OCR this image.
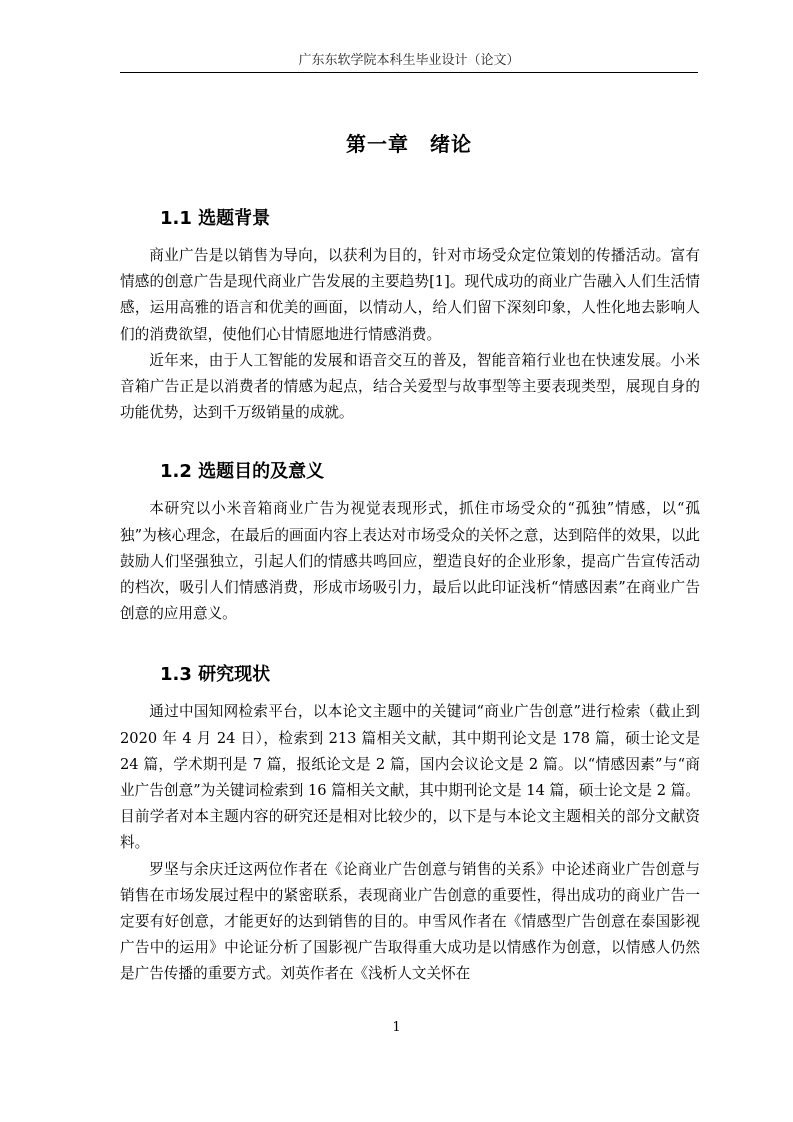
广东东软学院本科生毕业设计（论文）
第一章　绪论
1.1 选题背景

商业广告是以销售为导向，以获利为目的，针对市场受众定位策划的传播活动。富有情感的创意广告是现代商业广告发展的主要趋势[1]。现代成功的商业广告融入人们生活情感，运用高雅的语言和优美的画面，以情动人，给人们留下深刻印象，人性化地去影响人们的消费欲望，使他们心甘情愿地进行情感消费。

近年来，由于人工智能的发展和语音交互的普及，智能音箱行业也在快速发展。小米音箱广告正是以消费者的情感为起点，结合关爱型与故事型等主要表现类型，展现自身的功能优势，达到千万级销量的成就。

1.2 选题目的及意义

本研究以小米音箱商业广告为视觉表现形式，抓住市场受众的“孤独”情感，以“孤独”为核心理念，在最后的画面内容上表达对市场受众的关怀之意，达到陪伴的效果，以此鼓励人们坚强独立，引起人们的情感共鸣回应，塑造良好的企业形象，提高广告宣传活动的档次，吸引人们情感消费，形成市场吸引力，最后以此印证浅析“情感因素”在商业广告创意的应用意义。

1.3 研究现状

通过中国知网检索平台，以本论文主题中的关键词“商业广告创意”进行检索（截止到 2020 年 4 月 24 日），检索到 213 篇相关文献，其中期刊论文是 178 篇，硕士论文是 24 篇，学术期刊是 7 篇，报纸论文是 2 篇，国内会议论文是 2 篇。以“情感因素”与“商业广告创意”为关键词检索到 16 篇相关文献，其中期刊论文是 14 篇，硕士论文是 2 篇。目前学者对本主题内容的研究还是相对比较少的，以下是与本论文主题相关的部分文献资料。

罗坚与余庆迁这两位作者在《论商业广告创意与销售的关系》中论述商业广告创意与销售在市场发展过程中的紧密联系，表现商业广告创意的重要性，得出成功的商业广告一定要有好创意，才能更好的达到销售的目的。申雪风作者在《情感型广告创意在泰国影视广告中的运用》中论证分析了国影视广告取得重大成功是以情感作为创意，以情感人仍然是广告传播的重要方式。刘英作者在《浅析人文关怀在

1
